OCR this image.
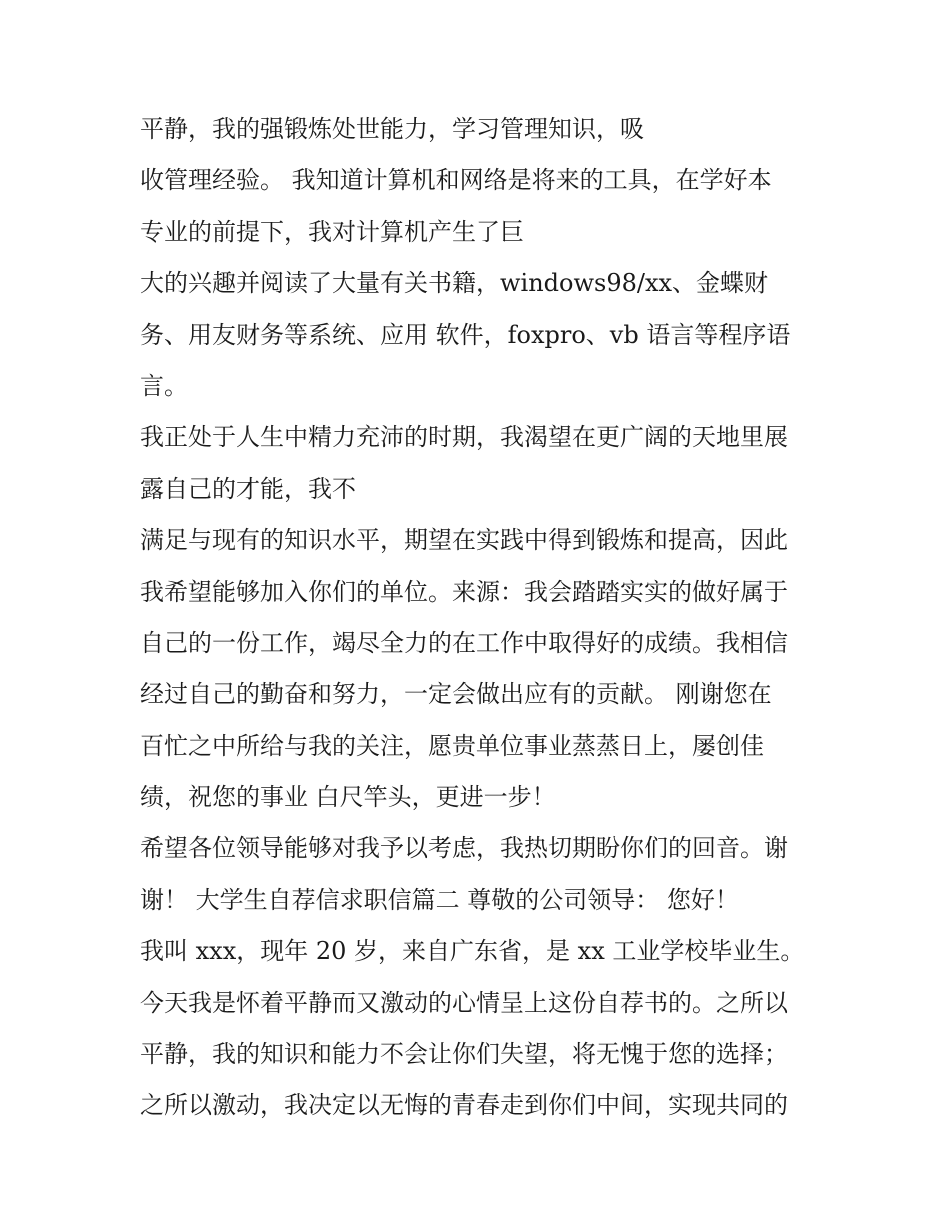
平静，我的强锻炼处世能力，学习管理知识，吸
收管理经验。 我知道计算机和网络是将来的工具，在学好本
专业的前提下，我对计算机产生了巨
大的兴趣并阅读了大量有关书籍，windows98/xx、金蝶财
务、用友财务等系统、应用 软件，foxpro、vb 语言等程序语
言。
我正处于人生中精力充沛的时期，我渴望在更广阔的天地里展
露自己的才能，我不
满足与现有的知识水平，期望在实践中得到锻炼和提高，因此
我希望能够加入你们的单位。来源：我会踏踏实实的做好属于
自己的一份工作，竭尽全力的在工作中取得好的成绩。我相信
经过自己的勤奋和努力，一定会做出应有的贡献。 刚谢您在
百忙之中所给与我的关注，愿贵单位事业蒸蒸日上，屡创佳
绩，祝您的事业 白尺竿头，更进一步！
希望各位领导能够对我予以考虑，我热切期盼你们的回音。谢
谢！ 大学生自荐信求职信篇二 尊敬的公司领导： 您好！
我叫 xxx，现年 20 岁，来自广东省，是 xx 工业学校毕业生。
今天我是怀着平静而又激动的心情呈上这份自荐书的。之所以
平静，我的知识和能力不会让你们失望，将无愧于您的选择；
之所以激动，我决定以无悔的青春走到你们中间，实现共同的
